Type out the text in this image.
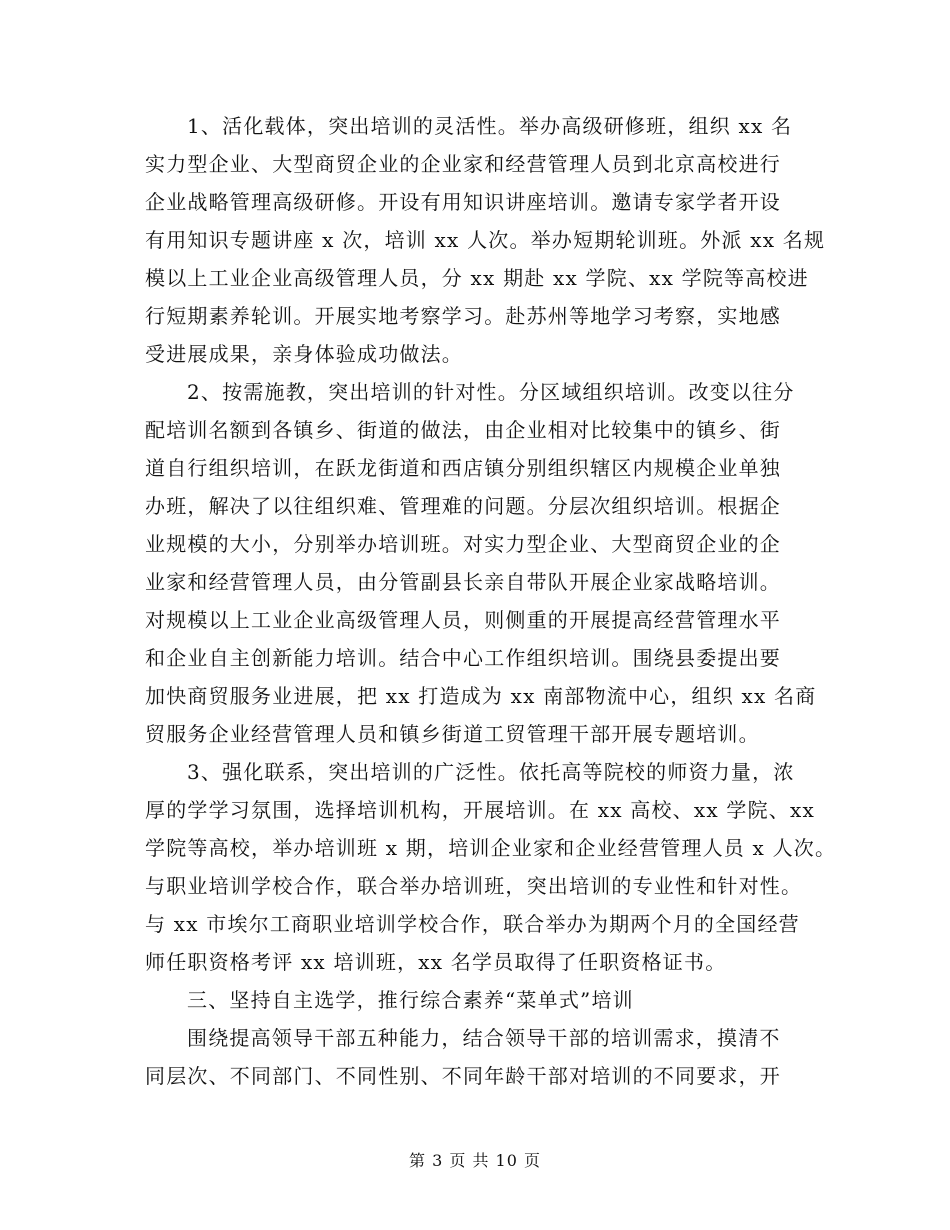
1、活化载体，突出培训的灵活性。举办高级研修班，组织 xx 名
实力型企业、大型商贸企业的企业家和经营管理人员到北京高校进行
企业战略管理高级研修。开设有用知识讲座培训。邀请专家学者开设
有用知识专题讲座 x 次，培训 xx 人次。举办短期轮训班。外派 xx 名规
模以上工业企业高级管理人员，分 xx 期赴 xx 学院、xx 学院等高校进
行短期素养轮训。开展实地考察学习。赴苏州等地学习考察，实地感
受进展成果，亲身体验成功做法。
2、按需施教，突出培训的针对性。分区域组织培训。改变以往分
配培训名额到各镇乡、街道的做法，由企业相对比较集中的镇乡、街
道自行组织培训，在跃龙街道和西店镇分别组织辖区内规模企业单独
办班，解决了以往组织难、管理难的问题。分层次组织培训。根据企
业规模的大小，分别举办培训班。对实力型企业、大型商贸企业的企
业家和经营管理人员，由分管副县长亲自带队开展企业家战略培训。
对规模以上工业企业高级管理人员，则侧重的开展提高经营管理水平
和企业自主创新能力培训。结合中心工作组织培训。围绕县委提出要
加快商贸服务业进展，把 xx 打造成为 xx 南部物流中心，组织 xx 名商
贸服务企业经营管理人员和镇乡街道工贸管理干部开展专题培训。
3、强化联系，突出培训的广泛性。依托高等院校的师资力量，浓
厚的学学习氛围，选择培训机构，开展培训。在 xx 高校、xx 学院、xx
学院等高校，举办培训班 x 期，培训企业家和企业经营管理人员 x 人次。
与职业培训学校合作，联合举办培训班，突出培训的专业性和针对性。
与 xx 市埃尔工商职业培训学校合作，联合举办为期两个月的全国经营
师任职资格考评 xx 培训班，xx 名学员取得了任职资格证书。
三、坚持自主选学，推行综合素养“菜单式”培训
围绕提高领导干部五种能力，结合领导干部的培训需求，摸清不
同层次、不同部门、不同性别、不同年龄干部对培训的不同要求，开
第 3 页 共 10 页
